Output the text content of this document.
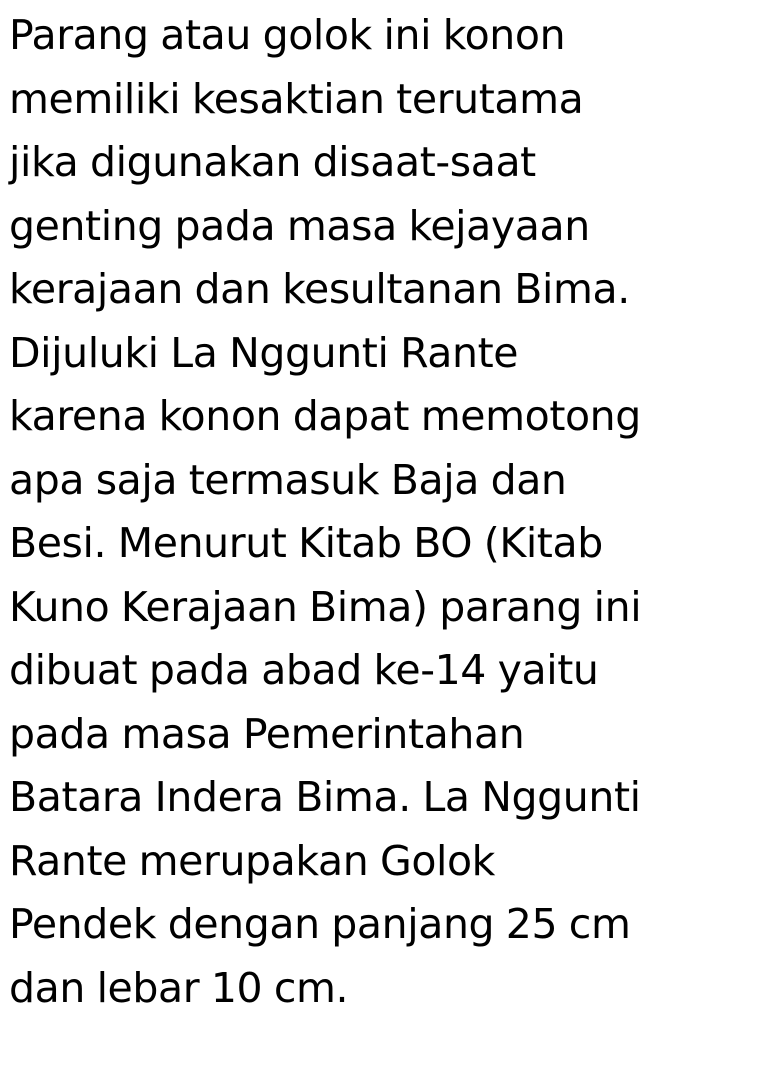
Parang atau golok ini konon
memiliki kesaktian terutama
jika digunakan disaat-saat
genting pada masa kejayaan
kerajaan dan kesultanan Bima.
Dijuluki La Nggunti Rante
karena konon dapat memotong
apa saja termasuk Baja dan
Besi. Menurut Kitab BO (Kitab
Kuno Kerajaan Bima) parang ini
dibuat pada abad ke-14 yaitu
pada masa Pemerintahan
Batara Indera Bima. La Nggunti
Rante merupakan Golok
Pendek dengan panjang 25 cm
dan lebar 10 cm.
